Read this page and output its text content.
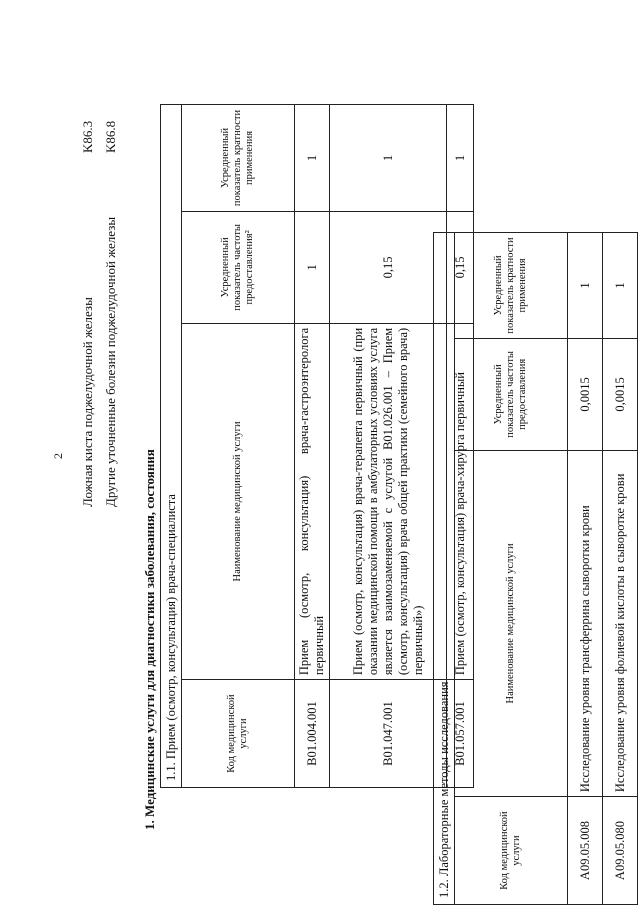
2
K86.3
Ложная киста поджелудочной железы
K86.8
Другие уточненные болезни поджелудочной железы
1. Медицинские услуги для диагностики заболевания, состояния 1.1. Прием (осмотр, консультация) врача-специалиста			
Код медицинской услуги	Наименование медицинской услуги	Усредненный показатель частоты предоставления²	Усредненный показатель кратности применения
B01.004.001	Прием (осмотр, консультация) врача-гастроэнтеролога первичный	1	1
B01.047.001	Прием (осмотр, консультация) врача-терапевта первичный (при оказании медицинской помощи в амбулаторных условиях услуга является взаимозаменяемой с услугой B01.026.001 – Прием (осмотр, консультация) врача общей практики (семейного врача) первичный»)	0,15	1
B01.057.001	Прием (осмотр, консультация) врача-хирурга первичный	0,15	1
1.2. Лабораторные методы исследования			
Код медицинской услуги	Наименование медицинской услуги	Усредненный показатель частоты предоставления	Усредненный показатель кратности применения
A09.05.008	Исследование уровня трансферрина сыворотки крови	0,0015	1
A09.05.080	Исследование уровня фолиевой кислоты в сыворотке крови	0,0015	1
